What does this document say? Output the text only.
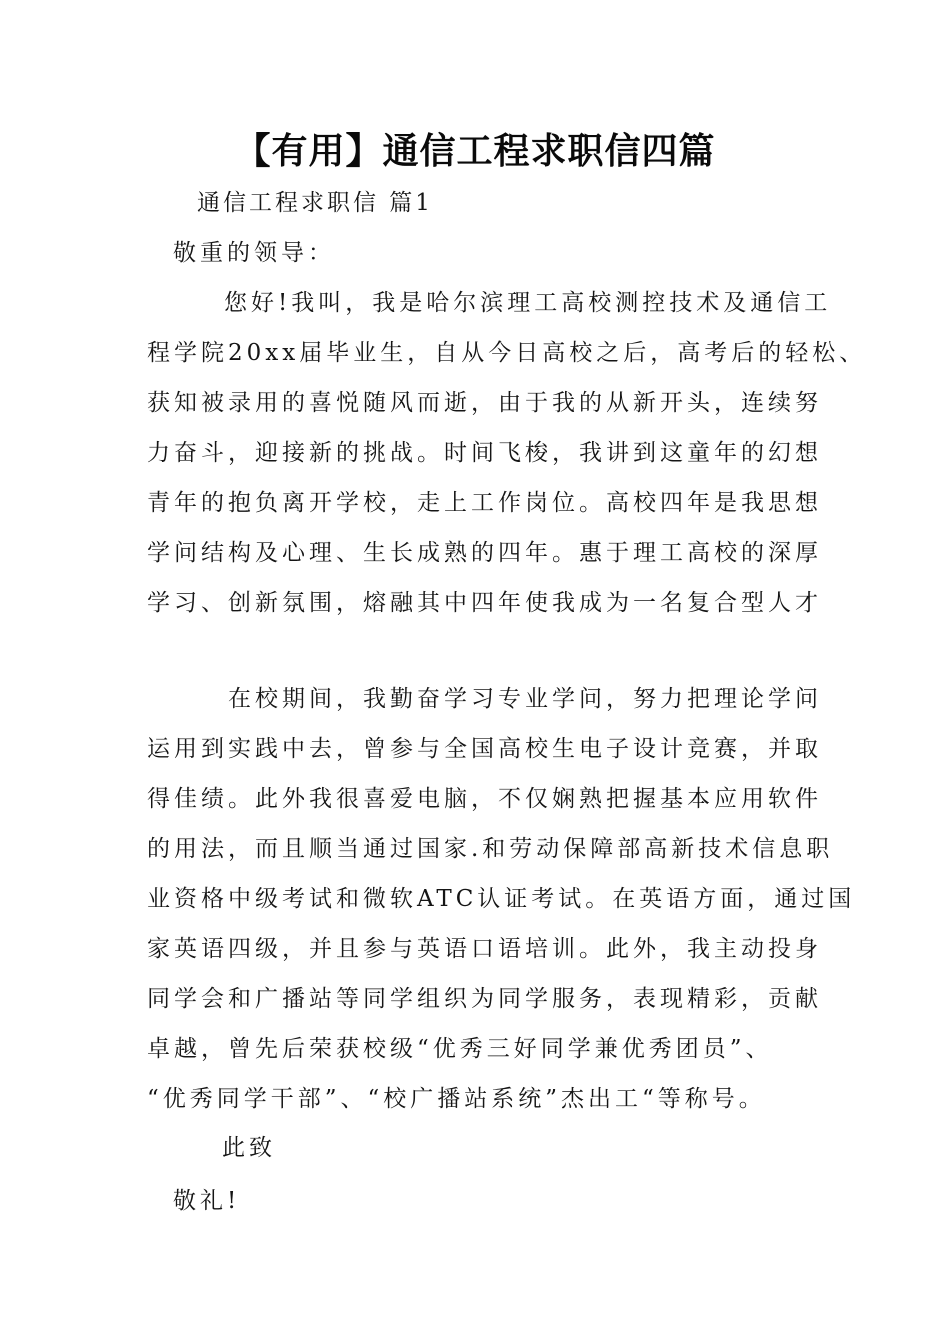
【有用】通信工程求职信四篇
通信工程求职信 篇1
敬重的领导：
您好!我叫，我是哈尔滨理工高校测控技术及通信工
程学院20xx届毕业生，自从今日高校之后，高考后的轻松、
获知被录用的喜悦随风而逝，由于我的从新开头，连续努
力奋斗，迎接新的挑战。时间飞梭，我讲到这童年的幻想
青年的抱负离开学校，走上工作岗位。高校四年是我思想
学问结构及心理、生长成熟的四年。惠于理工高校的深厚
学习、创新氛围，熔融其中四年使我成为一名复合型人才
在校期间，我勤奋学习专业学问，努力把理论学问
运用到实践中去，曾参与全国高校生电子设计竞赛，并取
得佳绩。此外我很喜爱电脑，不仅娴熟把握基本应用软件
的用法，而且顺当通过国家.和劳动保障部高新技术信息职
业资格中级考试和微软ATC认证考试。在英语方面，通过国
家英语四级，并且参与英语口语培训。此外，我主动投身
同学会和广播站等同学组织为同学服务，表现精彩，贡献
卓越，曾先后荣获校级“优秀三好同学兼优秀团员”、
“优秀同学干部”、“校广播站系统”杰出工“等称号。
此致
敬礼!
